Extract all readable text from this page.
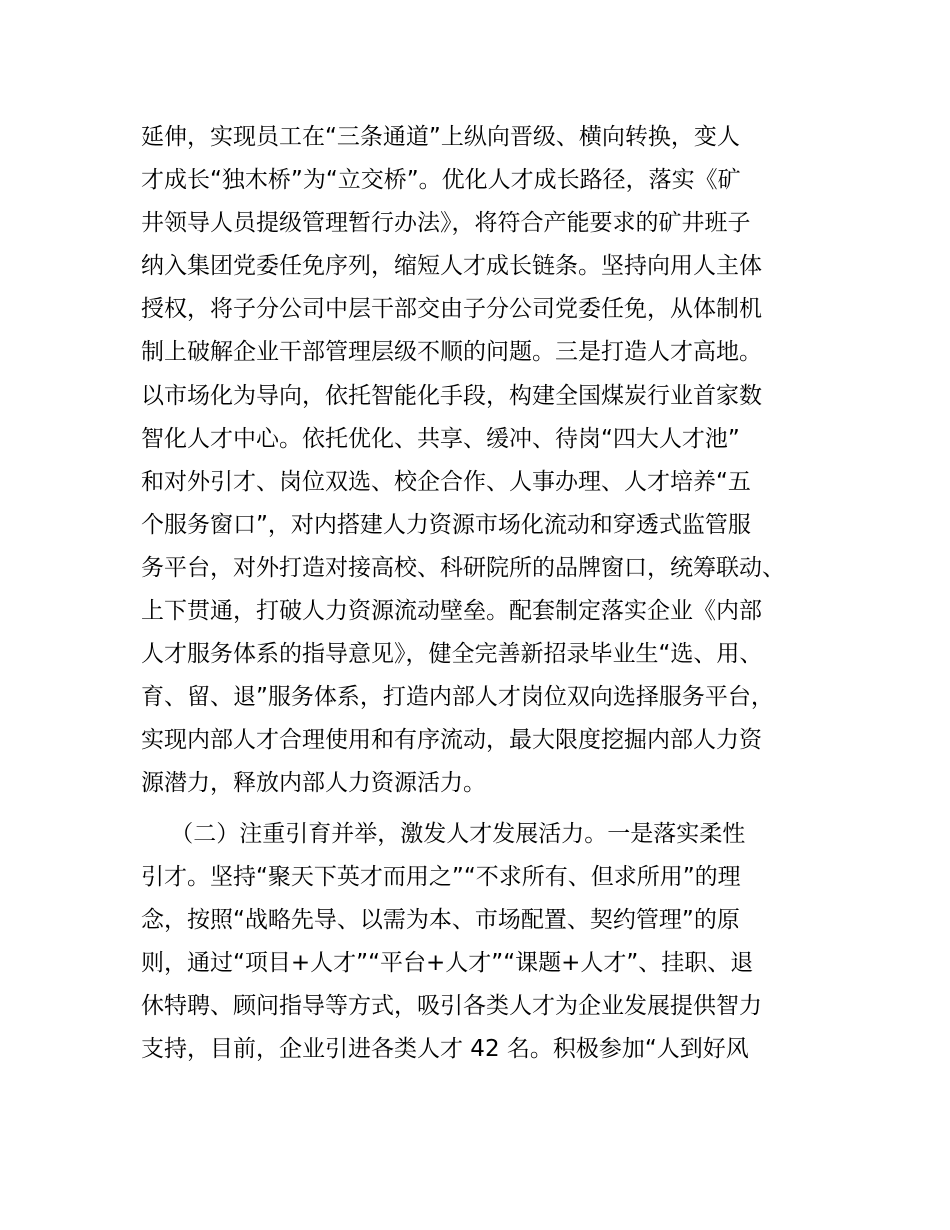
延伸，实现员工在“三条通道”上纵向晋级、横向转换，变人
才成长“独木桥”为“立交桥”。优化人才成长路径，落实《矿
井领导人员提级管理暂行办法》，将符合产能要求的矿井班子
纳入集团党委任免序列，缩短人才成长链条。坚持向用人主体
授权，将子分公司中层干部交由子分公司党委任免，从体制机
制上破解企业干部管理层级不顺的问题。三是打造人才高地。
以市场化为导向，依托智能化手段，构建全国煤炭行业首家数
智化人才中心。依托优化、共享、缓冲、待岗“四大人才池”
和对外引才、岗位双选、校企合作、人事办理、人才培养“五
个服务窗口”，对内搭建人力资源市场化流动和穿透式监管服
务平台，对外打造对接高校、科研院所的品牌窗口，统筹联动、
上下贯通，打破人力资源流动壁垒。配套制定落实企业《内部
人才服务体系的指导意见》，健全完善新招录毕业生“选、用、
育、留、退”服务体系，打造内部人才岗位双向选择服务平台，
实现内部人才合理使用和有序流动，最大限度挖掘内部人力资
源潜力，释放内部人力资源活力。
（二）注重引育并举，激发人才发展活力。一是落实柔性
引才。坚持“聚天下英才而用之”“不求所有、但求所用”的理
念，按照“战略先导、以需为本、市场配置、契约管理”的原
则，通过“项目+人才”“平台+人才”“课题+人才”、挂职、退
休特聘、顾问指导等方式，吸引各类人才为企业发展提供智力
支持，目前，企业引进各类人才 42 名。积极参加“人到好风
